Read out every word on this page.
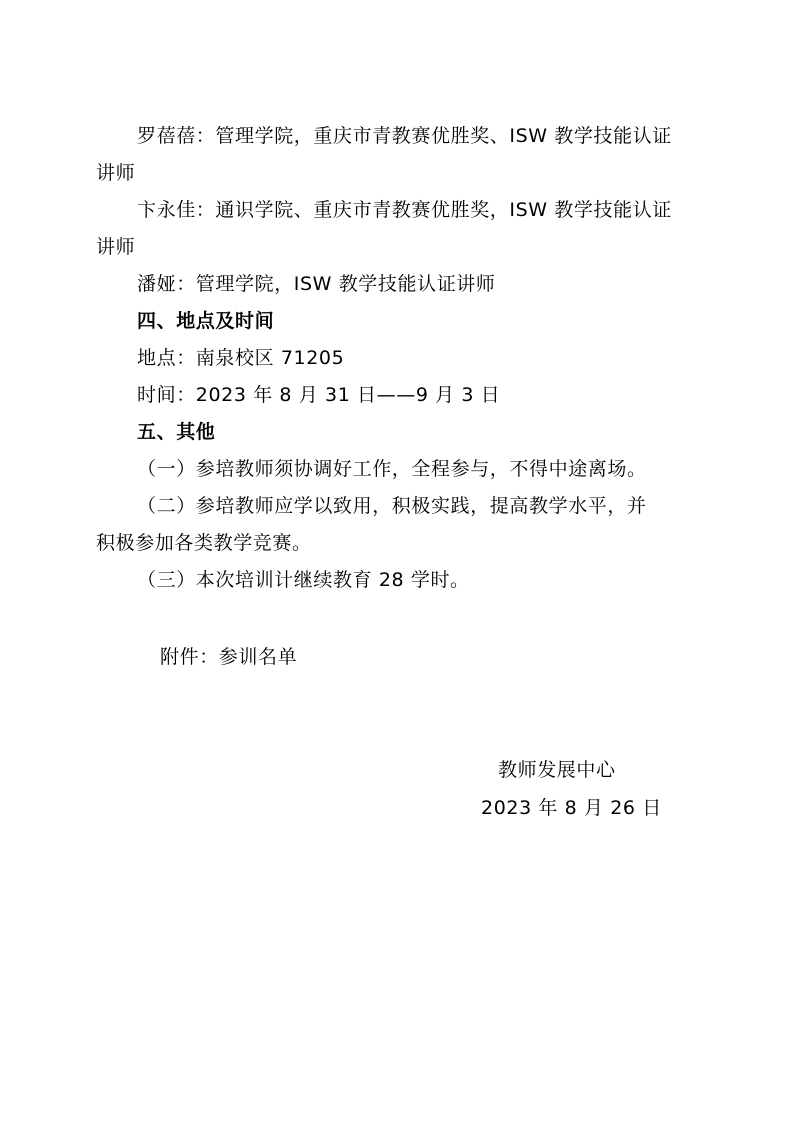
罗蓓蓓：管理学院，重庆市青教赛优胜奖、ISW 教学技能认证
讲师
卞永佳：通识学院、重庆市青教赛优胜奖，ISW 教学技能认证
讲师
潘娅：管理学院，ISW 教学技能认证讲师
四、地点及时间
地点：南泉校区 71205
时间：2023 年 8 月 31 日——9 月 3 日
五、其他
（一）参培教师须协调好工作，全程参与，不得中途离场。
（二）参培教师应学以致用，积极实践，提高教学水平，并
积极参加各类教学竞赛。
（三）本次培训计继续教育 28 学时。
附件：参训名单
教师发展中心
2023 年 8 月 26 日
